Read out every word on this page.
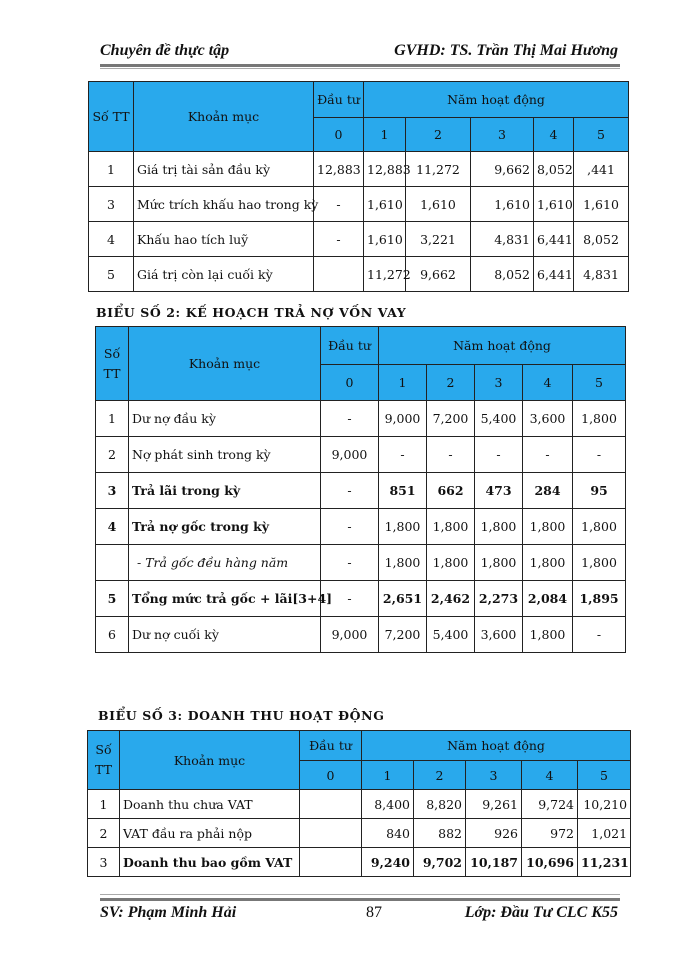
Chuyên đề thực tập	GVHD: TS. Trần Thị Mai Hương
Số TT	Khoản mục	Đầu tư	Năm hoạt động				
		0	1	2	3	4	5
1	Giá trị tài sản đầu kỳ	12,883	12,883	11,272	9,662	8,052	,441
3	Mức trích khấu hao trong kỳ	-	1,610	1,610	1,610	1,610	1,610
4	Khấu hao tích luỹ	-	1,610	3,221	4,831	6,441	8,052
5	Giá trị còn lại cuối kỳ		11,272	9,662	8,052	6,441	4,831
BIỂU SỐ 2: KẾ HOẠCH TRẢ NỢ VỐN VAY
Số TT	Khoản mục	Đầu tư	Năm hoạt động				
		0	1	2	3	4	5
1	Dư nợ đầu kỳ	-	9,000	7,200	5,400	3,600	1,800
2	Nợ phát sinh trong kỳ	9,000	-	-	-	-	-
3	Trả lãi trong kỳ	-	851	662	473	284	95
4	Trả nợ gốc trong kỳ	-	1,800	1,800	1,800	1,800	1,800
	- Trả gốc đều hàng năm	-	1,800	1,800	1,800	1,800	1,800
5	Tổng mức trả gốc + lãi[3+4]	-	2,651	2,462	2,273	2,084	1,895
6	Dư nợ cuối kỳ	9,000	7,200	5,400	3,600	1,800	-
BIỂU SỐ 3: DOANH THU HOẠT ĐỘNG
Số TT	Khoản mục	Đầu tư	Năm hoạt động				
		0	1	2	3	4	5
1	Doanh thu chưa VAT		8,400	8,820	9,261	9,724	10,210
2	VAT đầu ra phải nộp		840	882	926	972	1,021
3	Doanh thu bao gồm VAT		9,240	9,702	10,187	10,696	11,231
SV: Phạm Minh Hải	87	Lớp: Đầu Tư CLC K55
